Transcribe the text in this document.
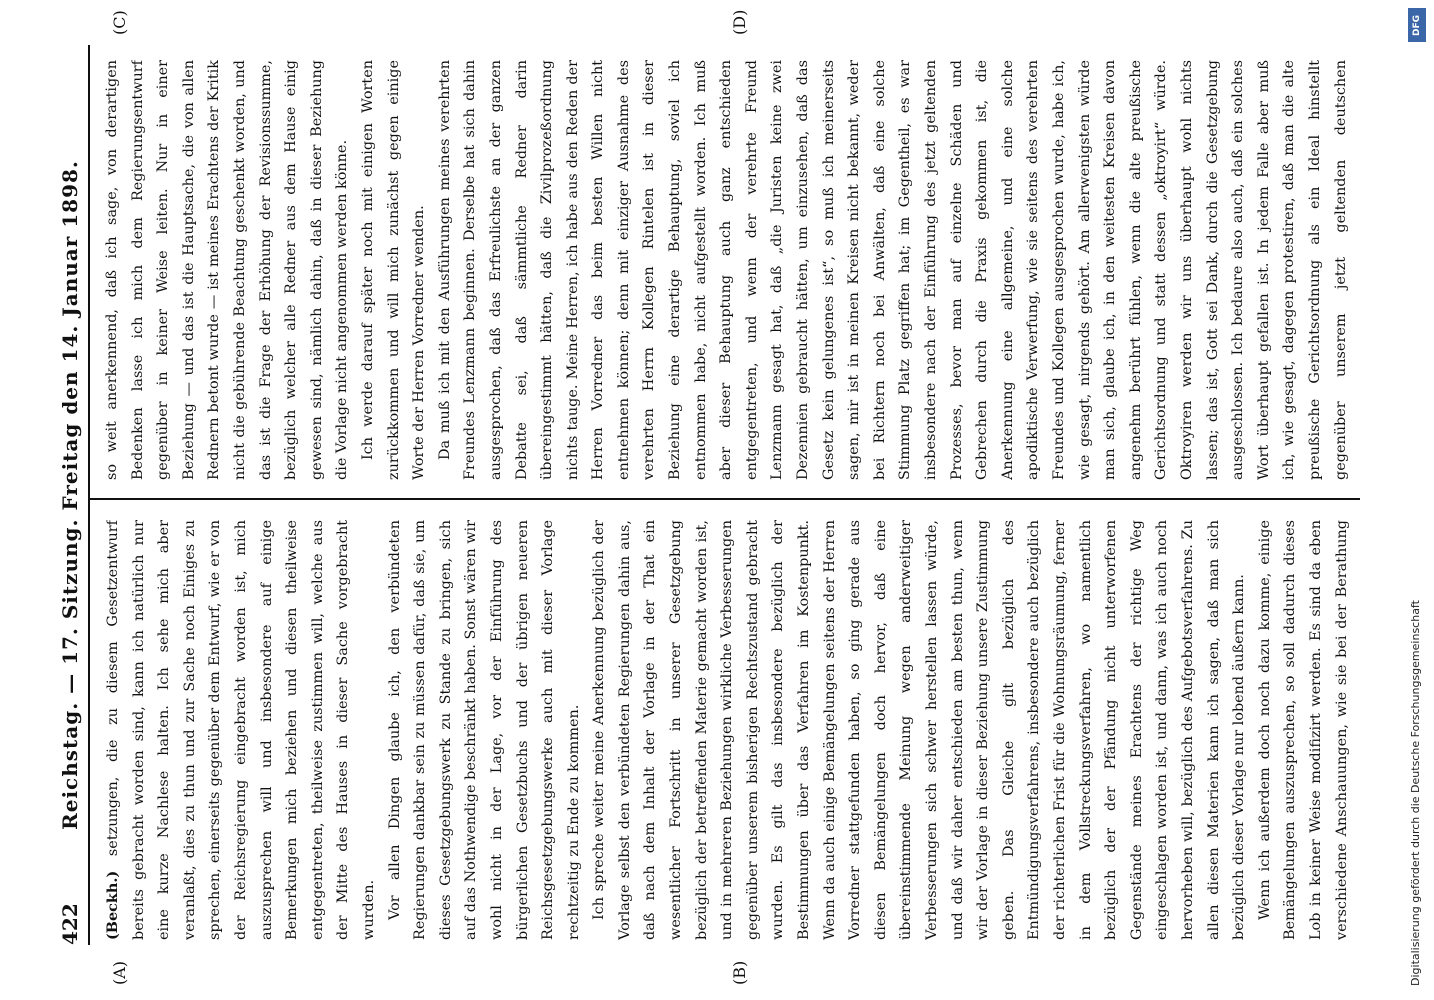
422
Reichstag. — 17. Sitzung. Freitag den 14. Januar 1898.
(A)	(B)
(C)	(D)

(Beckh.) setzungen, die zu diesem Gesetzentwurf bereits gebracht worden sind, kann ich natürlich nur eine kurze Nachlese halten. Ich sehe mich aber veranlaßt, dies zu thun und zur Sache noch Einiges zu sprechen, einerseits gegenüber dem Entwurf, wie er von der Reichsregierung eingebracht worden ist, mich auszusprechen will und insbesondere auf einige Bemerkungen mich beziehen und diesen theilweise entgegentreten, theilweise zustimmen will, welche aus der Mitte des Hauses in dieser Sache vorgebracht wurden. Vor allen Dingen glaube ich, den verbündeten Regierungen dankbar sein zu müssen dafür, daß sie, um dieses Gesetzgebungswerk zu Stande zu bringen, sich auf das Nothwendige beschränkt haben. Sonst wären wir wohl nicht in der Lage, vor der Einführung des bürgerlichen Gesetzbuchs und der übrigen neueren Reichsgesetzgebungswerke auch mit dieser Vorlage rechtzeitig zu Ende zu kommen. Ich spreche weiter meine Anerkennung bezüglich der Vorlage selbst den verbündeten Regierungen dahin aus, daß nach dem Inhalt der Vorlage in der That ein wesentlicher Fortschritt in unserer Gesetzgebung bezüglich der betreffenden Materie gemacht worden ist, und in mehreren Beziehungen wirkliche Verbesserungen gegenüber unserem bisherigen Rechtszustand gebracht wurden. Es gilt das insbesondere bezüglich der Bestimmungen über das Verfahren im Kostenpunkt. Wenn da auch einige Bemängelungen seitens der Herren Vorredner stattgefunden haben, so ging gerade aus diesen Bemängelungen doch hervor, daß eine übereinstimmende Meinung wegen anderweitiger Verbesserungen sich schwer herstellen lassen würde, und daß wir daher entschieden am besten thun, wenn wir der Vorlage in dieser Beziehung unsere Zustimmung geben. Das Gleiche gilt bezüglich des Entmündigungsverfahrens, insbesondere auch bezüglich der richterlichen Frist für die Wohnungsräumung, ferner in dem Vollstreckungsverfahren, wo namentlich bezüglich der der Pfändung nicht unterworfenen Gegenstände meines Erachtens der richtige Weg eingeschlagen worden ist, und dann, was ich auch noch hervorheben will, bezüglich des Aufgebotsverfahrens. Zu allen diesen Materien kann ich sagen, daß man sich bezüglich dieser Vorlage nur lobend äußern kann. Wenn ich außerdem doch noch dazu komme, einige Bemängelungen auszusprechen, so soll dadurch dieses Lob in keiner Weise modifizirt werden. Es sind da eben verschiedene Anschauungen, wie sie bei der Berathung

so weit anerkennend, daß ich sage, von derartigen Bedenken lasse ich mich dem Regierungsentwurf gegenüber in keiner Weise leiten. Nur in einer Beziehung — und das ist die Hauptsache, die von allen Rednern betont wurde — ist meines Erachtens der Kritik nicht die gebührende Beachtung geschenkt worden, und das ist die Frage der Erhöhung der Revisionssumme, bezüglich welcher alle Redner aus dem Hause einig gewesen sind, nämlich dahin, daß in dieser Beziehung die Vorlage nicht angenommen werden könne. Ich werde darauf später noch mit einigen Worten zurückkommen und will mich zunächst gegen einige Worte der Herren Vorredner wenden. Da muß ich mit den Ausführungen meines verehrten Freundes Lenzmann beginnen. Derselbe hat sich dahin ausgesprochen, daß das Erfreulichste an der ganzen Debatte sei, daß sämmtliche Redner darin übereingestimmt hätten, daß die Zivilprozeßordnung nichts tauge. Meine Herren, ich habe aus den Reden der Herren Vorredner das beim besten Willen nicht entnehmen können; denn mit einziger Ausnahme des verehrten Herrn Kollegen Rintelen ist in dieser Beziehung eine derartige Behauptung, soviel ich entnommen habe, nicht aufgestellt worden. Ich muß aber dieser Behauptung auch ganz entschieden entgegentreten, und wenn der verehrte Freund Lenzmann gesagt hat, daß „die Juristen keine zwei Dezennien gebraucht hätten, um einzusehen, daß das Gesetz kein gelungenes ist“, so muß ich meinerseits sagen, mir ist in meinen Kreisen nicht bekannt, weder bei Richtern noch bei Anwälten, daß eine solche Stimmung Platz gegriffen hat; im Gegentheil, es war insbesondere nach der Einführung des jetzt geltenden Prozesses, bevor man auf einzelne Schäden und Gebrechen durch die Praxis gekommen ist, die Anerkennung eine allgemeine, und eine solche apodiktische Verwerfung, wie sie seitens des verehrten Freundes und Kollegen ausgesprochen wurde, habe ich, wie gesagt, nirgends gehört. Am allerwenigsten würde man sich, glaube ich, in den weitesten Kreisen davon angenehm berührt fühlen, wenn die alte preußische Gerichtsordnung und statt dessen „oktroyirt“ würde. Oktroyiren werden wir uns überhaupt wohl nichts lassen; das ist, Gott sei Dank, durch die Gesetzgebung ausgeschlossen. Ich bedaure also auch, daß ein solches Wort überhaupt gefallen ist. In jedem Falle aber muß ich, wie gesagt, dagegen protestiren, daß man die alte preußische Gerichtsordnung als ein Ideal hinstellt gegenüber unserem jetzt geltenden deutschen

DFG
Digitalisierung gefördert durch die Deutsche Forschungsgemeinschaft
